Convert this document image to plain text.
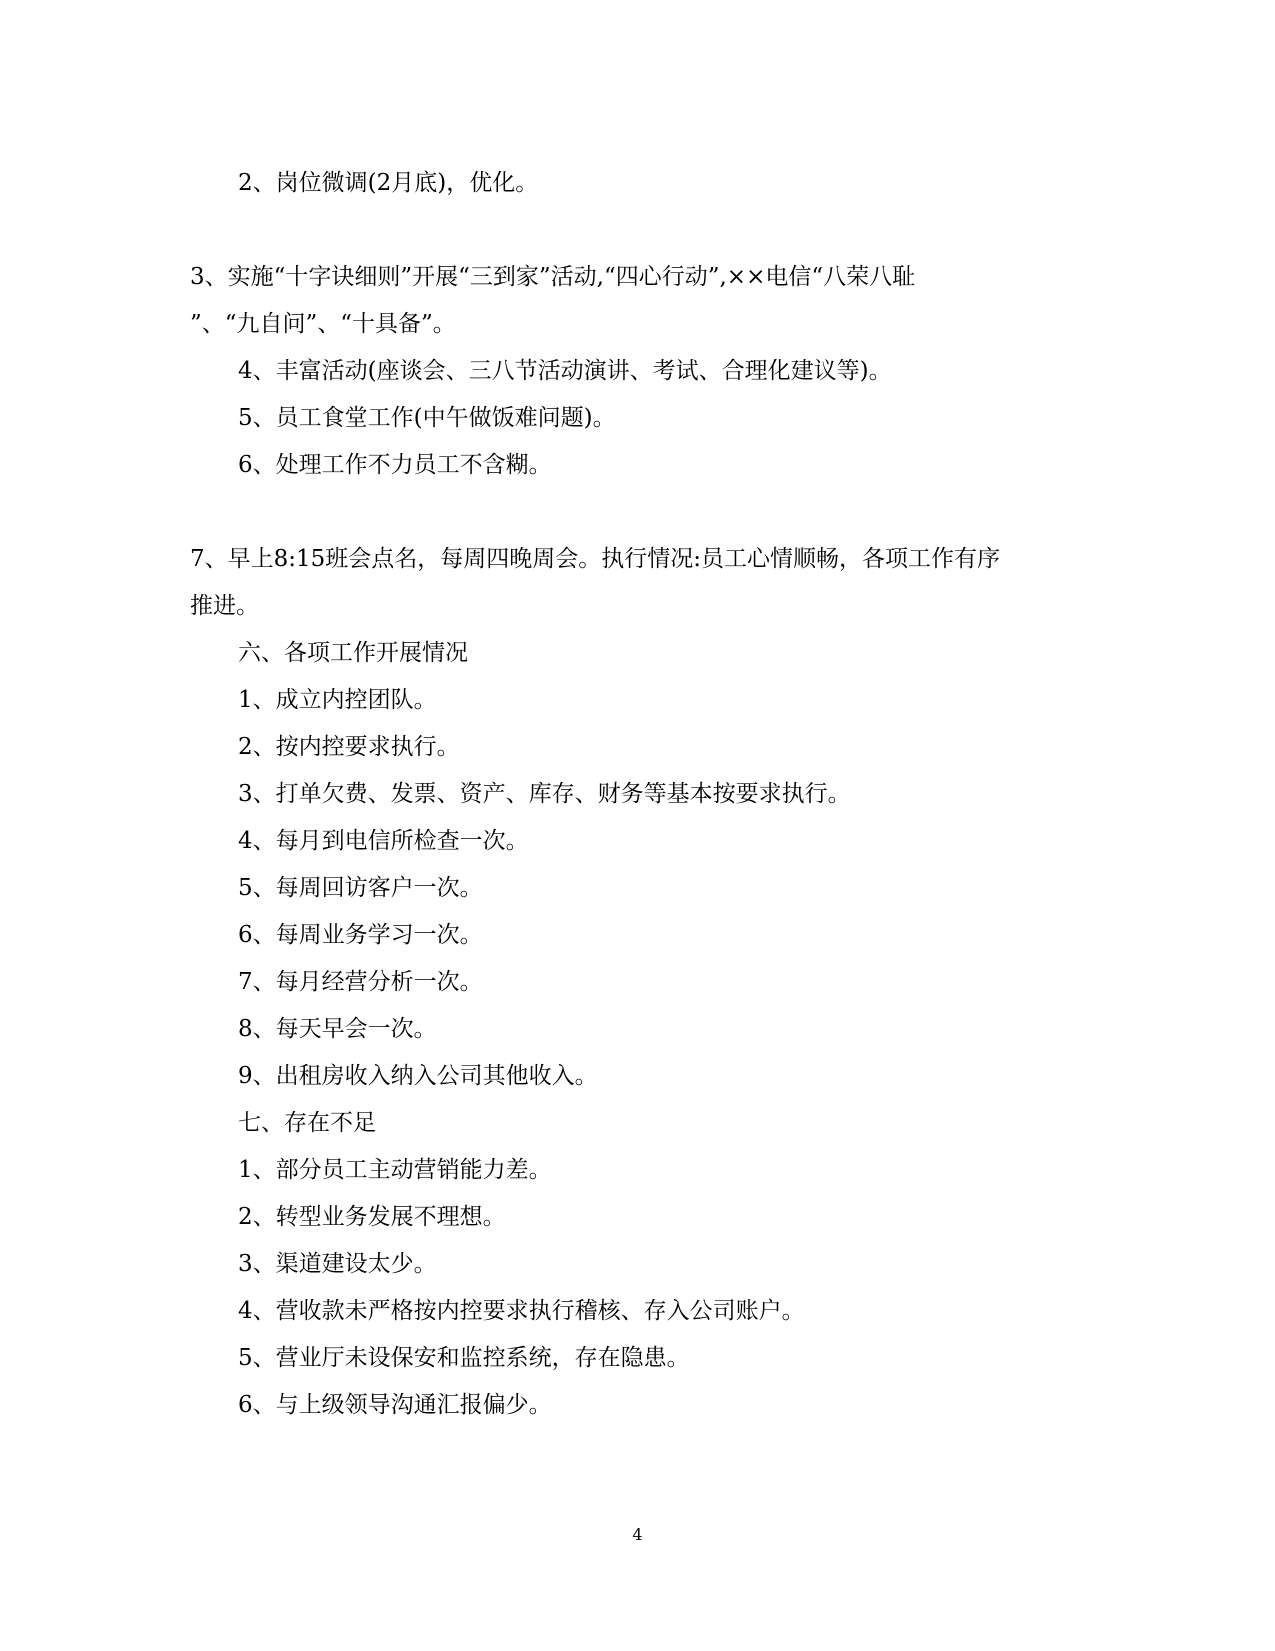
2、岗位微调(2月底)，优化。
3、实施“十字诀细则”开展“三到家”活动,“四心行动”,××电信“八荣八耻
”、“九自问”、“十具备”。
4、丰富活动(座谈会、三八节活动演讲、考试、合理化建议等)。
5、员工食堂工作(中午做饭难问题)。
6、处理工作不力员工不含糊。
7、早上8:15班会点名，每周四晚周会。执行情况:员工心情顺畅，各项工作有序
推进。
六、各项工作开展情况
1、成立内控团队。
2、按内控要求执行。
3、打单欠费、发票、资产、库存、财务等基本按要求执行。
4、每月到电信所检查一次。
5、每周回访客户一次。
6、每周业务学习一次。
7、每月经营分析一次。
8、每天早会一次。
9、出租房收入纳入公司其他收入。
七、存在不足
1、部分员工主动营销能力差。
2、转型业务发展不理想。
3、渠道建设太少。
4、营收款未严格按内控要求执行稽核、存入公司账户。
5、营业厅未设保安和监控系统，存在隐患。
6、与上级领导沟通汇报偏少。
4
